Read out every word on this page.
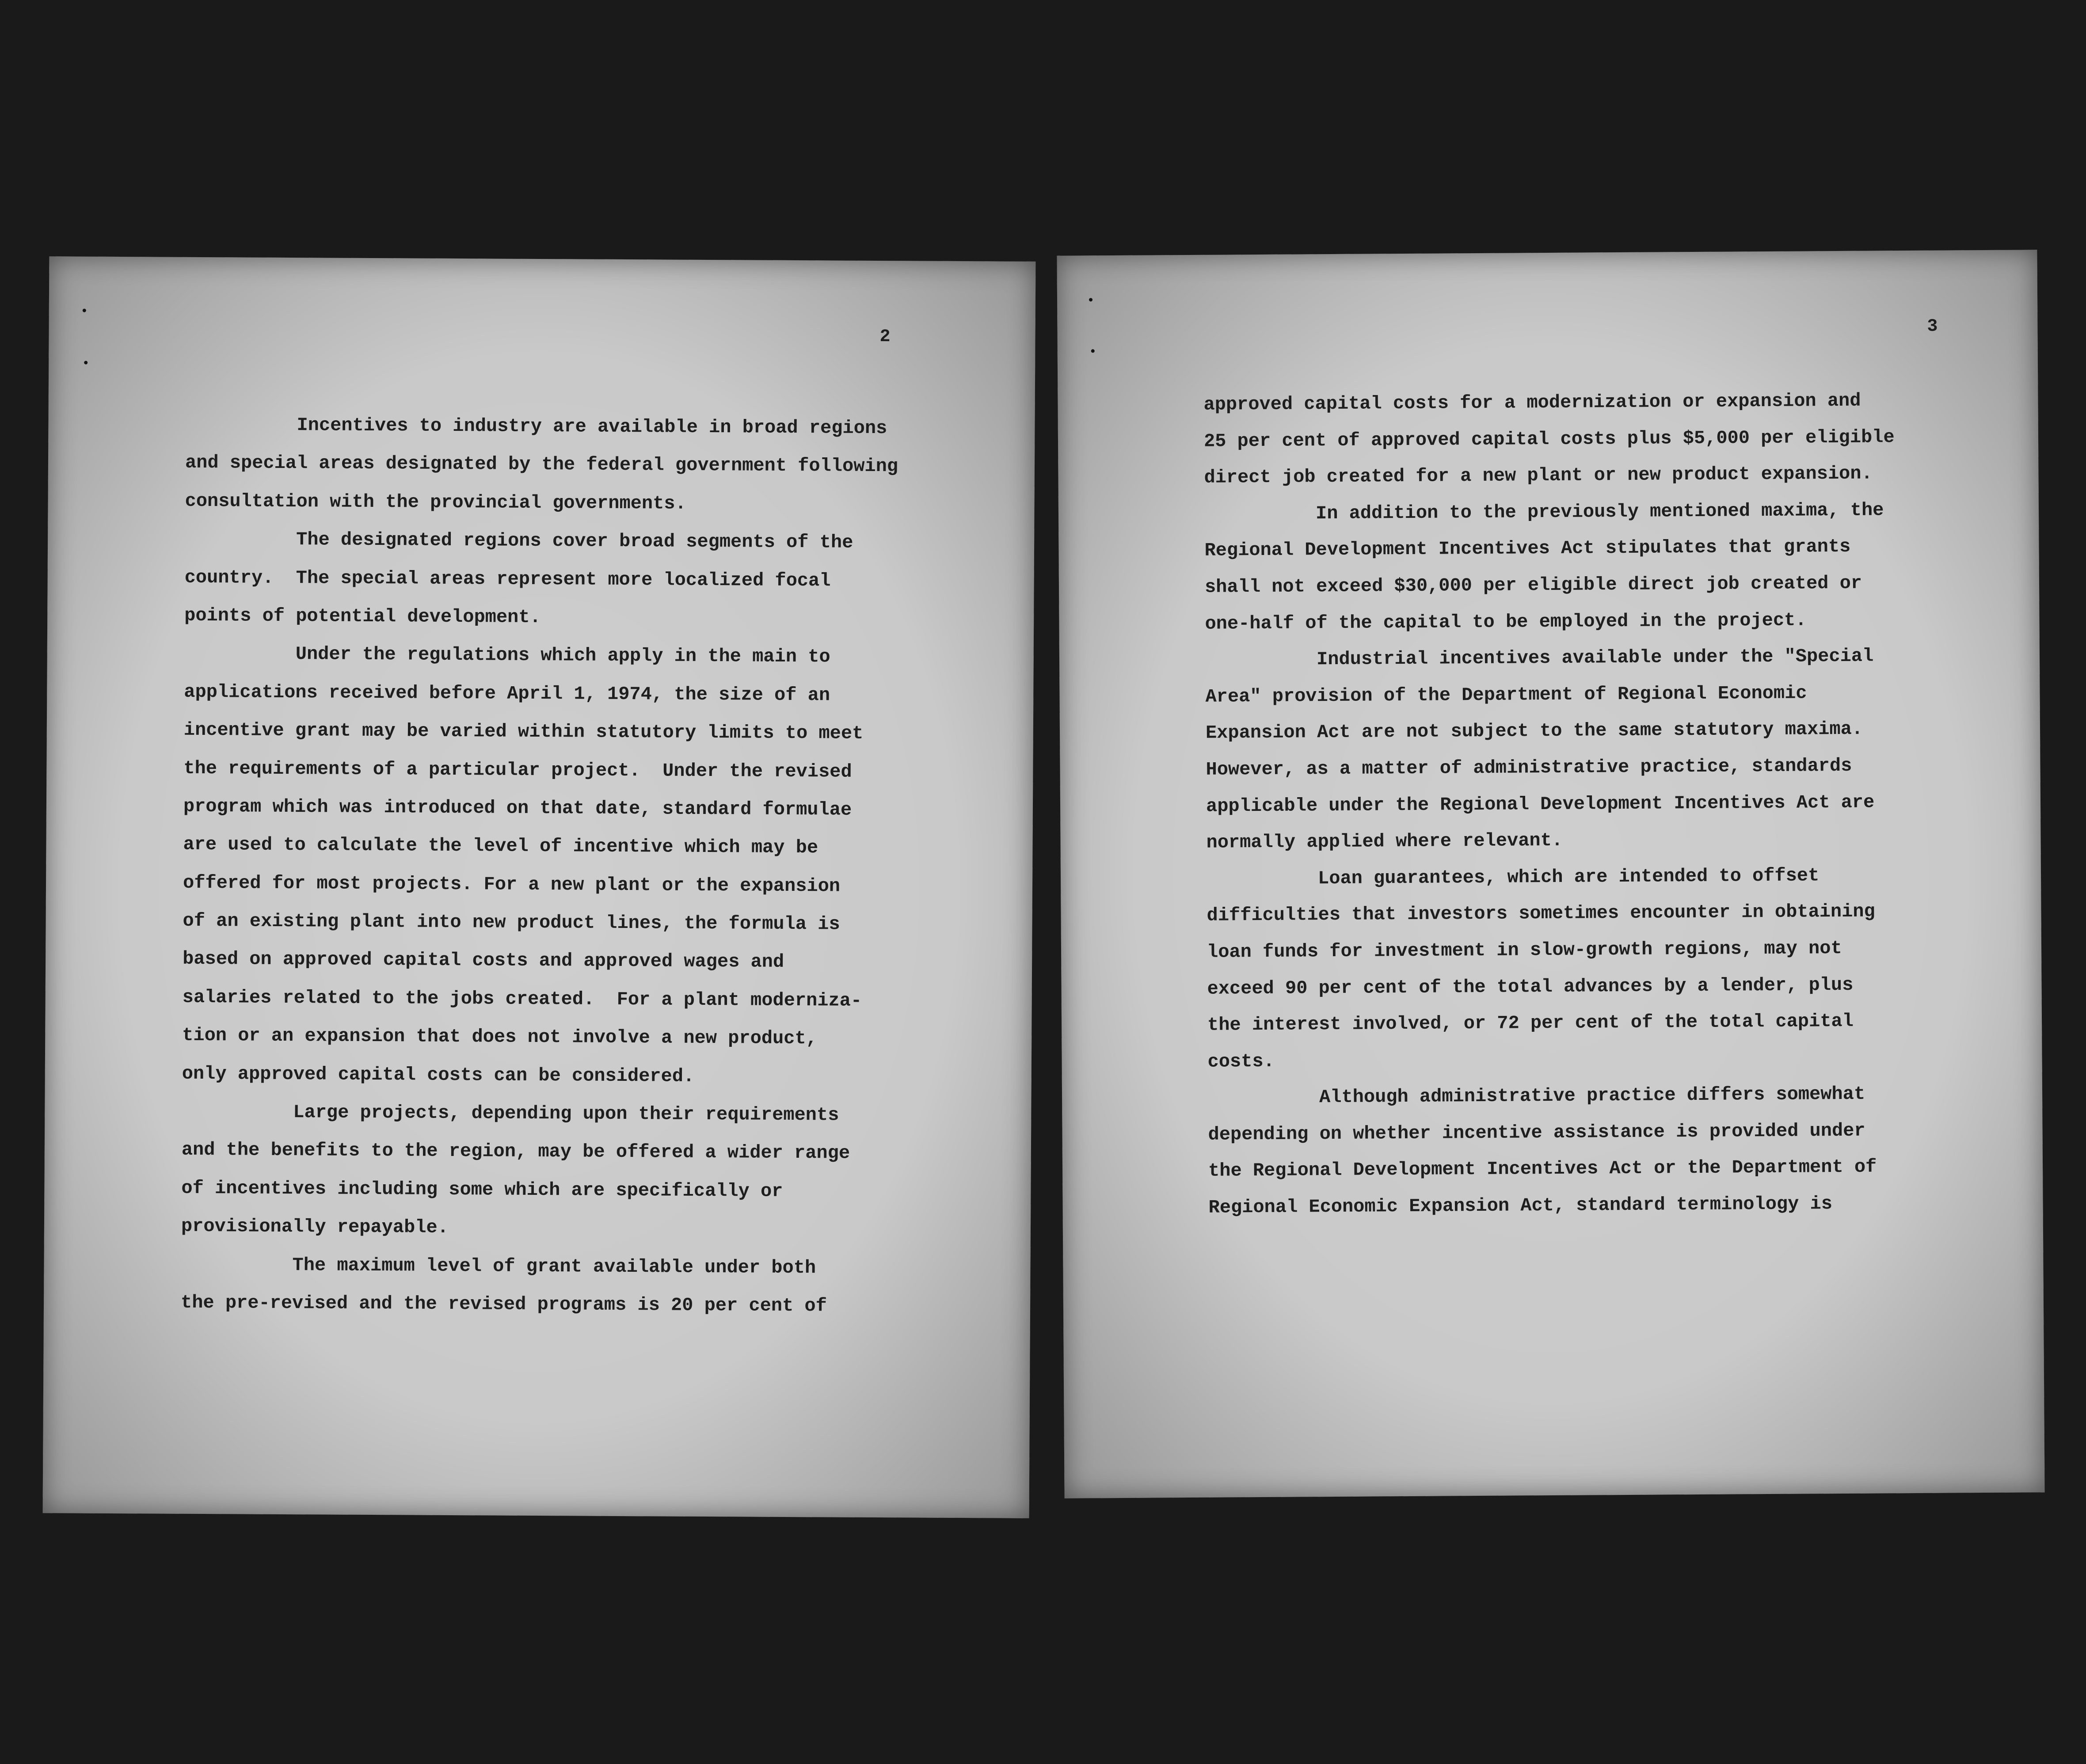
2
Incentives to industry are available in broad regions
and special areas designated by the federal government following
consultation with the provincial governments.
The designated regions cover broad segments of the
country.  The special areas represent more localized focal
points of potential development.
Under the regulations which apply in the main to
applications received before April 1, 1974, the size of an
incentive grant may be varied within statutory limits to meet
the requirements of a particular project.  Under the revised
program which was introduced on that date, standard formulae
are used to calculate the level of incentive which may be
offered for most projects. For a new plant or the expansion
of an existing plant into new product lines, the formula is
based on approved capital costs and approved wages and
salaries related to the jobs created.  For a plant moderniza-
tion or an expansion that does not involve a new product,
only approved capital costs can be considered.
Large projects, depending upon their requirements
and the benefits to the region, may be offered a wider range
of incentives including some which are specifically or
provisionally repayable.
The maximum level of grant available under both
the pre-revised and the revised programs is 20 per cent of
3
approved capital costs for a modernization or expansion and
25 per cent of approved capital costs plus $5,000 per eligible
direct job created for a new plant or new product expansion.
In addition to the previously mentioned maxima, the
Regional Development Incentives Act stipulates that grants
shall not exceed $30,000 per eligible direct job created or
one-half of the capital to be employed in the project.
Industrial incentives available under the "Special
Area" provision of the Department of Regional Economic
Expansion Act are not subject to the same statutory maxima.
However, as a matter of administrative practice, standards
applicable under the Regional Development Incentives Act are
normally applied where relevant.
Loan guarantees, which are intended to offset
difficulties that investors sometimes encounter in obtaining
loan funds for investment in slow-growth regions, may not
exceed 90 per cent of the total advances by a lender, plus
the interest involved, or 72 per cent of the total capital
costs.
Although administrative practice differs somewhat
depending on whether incentive assistance is provided under
the Regional Development Incentives Act or the Department of
Regional Economic Expansion Act, standard terminology is
